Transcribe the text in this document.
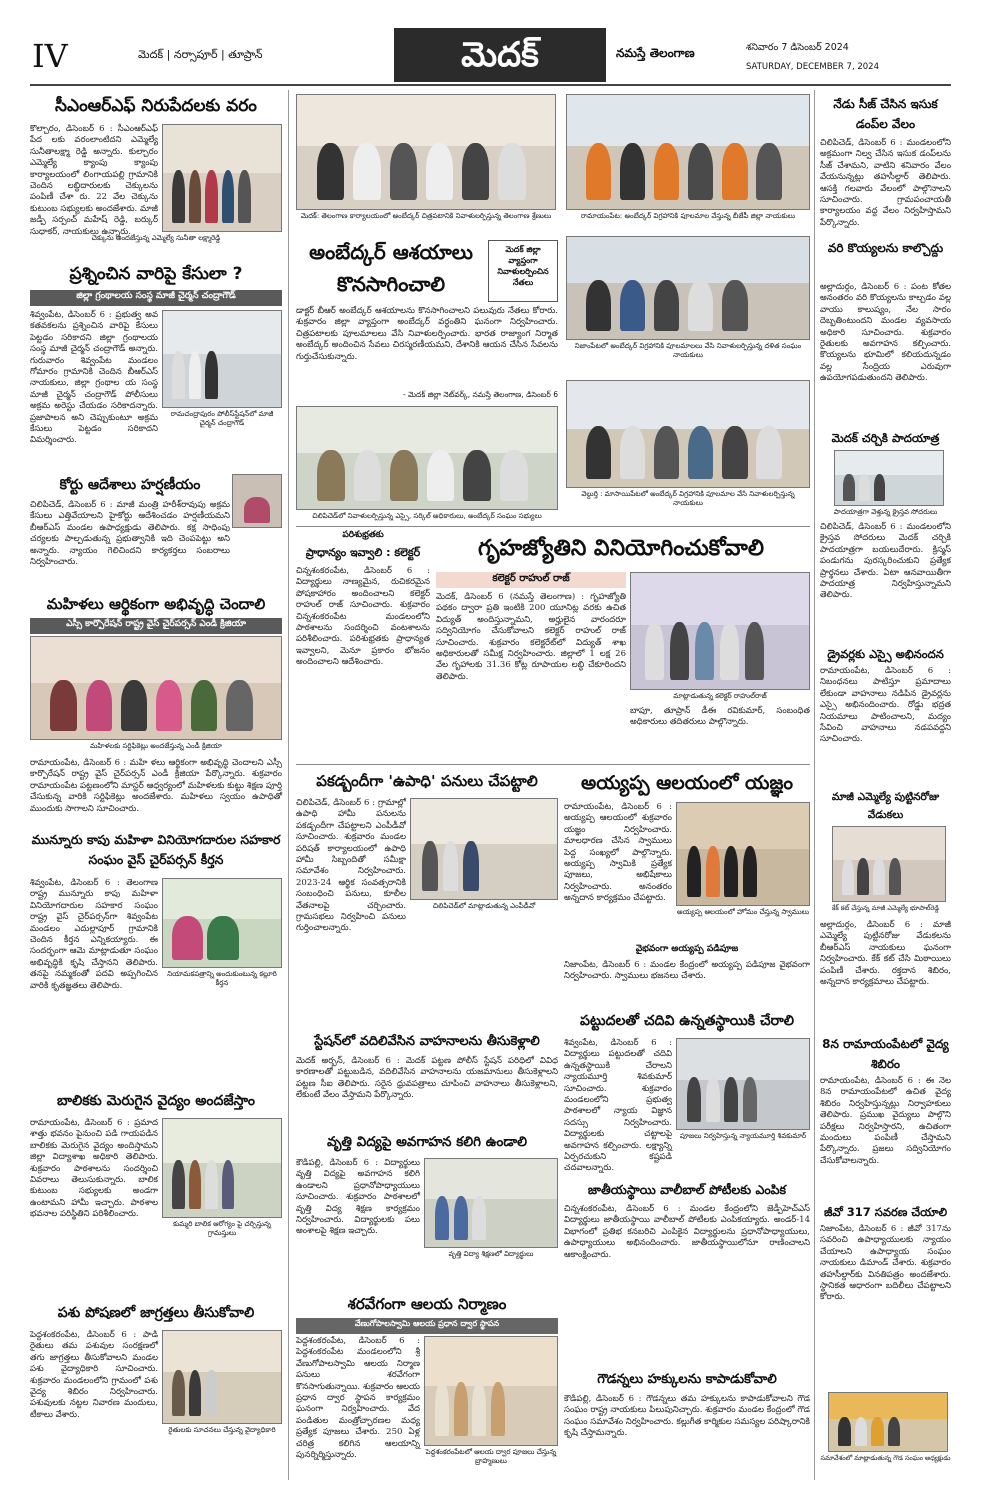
IV	మెదక్ | నర్సాపూర్ | తూప్రాన్	మెదక్	నమస్తే తెలంగాణ	శనివారం 7 డిసెంబర్ 2024
SATURDAY, DECEMBER 7, 2024
సీఎంఆర్ఎఫ్ నిరుపేదలకు వరం
కొల్చారం, డిసెంబర్ 6 : సీఎంఆర్ఎఫ్ పేద లకు వరంలాంటిదని ఎమ్మెల్యే సునీతాలక్ష్మా రెడ్డి అన్నారు. కుల్చారం ఎమ్మెల్యే క్యాంపు క్యాంపు కార్యాలయంలో లింగాయపల్లి గ్రామానికి చెందిన లబ్ధిదారులకు చెక్కులను పంపిణీ చేశా రు. 22 వేల చెక్కును కుటుంబ సభ్యులకు అందజేశారు. మాజీ జడ్పీ సర్పంచ్ మహేష్ రెడ్డి, బర్కుర్ సుధాకర్, నాయకులు ఉన్నారు.
చెక్కును అందజేస్తున్న ఎమ్మెల్యే సునీతా లక్ష్మారెడ్డి
ప్రశ్నించిన వారిపై కేసులా ?
జిల్లా గ్రంథాలయ సంస్థ మాజీ చైర్మన్ చంద్రాగౌడ్
శివ్వంపేట, డిసెంబర్ 6 : ప్రభుత్వ అవ కతవకలను ప్రశ్నించిన వారిపై కేసులు పెట్టడం సరికాదని జిల్లా గ్రంథాలయ సంస్థ మాజీ చైర్మన్ చంద్రాగౌడ్ అన్నారు. గురువారం శివ్వంపేట మండలం గోమారం గ్రామానికి చెందిన బీఆర్ఎస్ నాయకులు, జిల్లా గ్రంథాల య సంస్థ మాజీ చైర్మన్ చంద్రాగౌడ్ పోలీసులు అక్రమ అరెస్టు చేయడం సరికాదన్నారు. ప్రజాపాలన అని చెప్పుకుంటూ అక్రమ కేసులు పెట్టడం సరికాదని విమర్శించారు.
రామచంద్రాపురం పోలీస్‌స్టేషన్‌లో మాజీ చైర్మన్ చంద్రాగౌడ్
కోర్టు ఆదేశాలు హర్షణీయం
చిలిపిచెడ్, డిసెంబర్ 6 : మాజీ మంత్రి హరీశ్‌రావుపు అక్రమ కేసులు ఎత్తివేయాలని హైకోర్టు ఆదేశించడం హర్షణీయమని బీఆర్ఎస్ మండల ఉపాధ్యక్షుడు తెలిపారు. కక్ష సాధింపు చర్యలకు పాల్పడుతున్న ప్రభుత్వానికి ఇది చెంపపెట్టు అని అన్నారు. న్యాయం గెలిచిందని కార్యకర్తలు సంబరాలు నిర్వహించారు.
మహిళలు ఆర్థికంగా అభివృద్ధి చెందాలి
ఎస్సీ కార్పొరేషన్ రాష్ట్ర వైస్ చైర్‌పర్సన్ ఎండీ క్రిజియా
మహిళలకు సర్టిఫికెట్లు అందజేస్తున్న ఎండీ క్రిజియా
రామాయంపేట, డిసెంబర్ 6 : మహి ళలు ఆర్థికంగా అభివృద్ధి చెందాలని ఎస్సీ కార్పొరేషన్ రాష్ట్ర వైస్ చైర్‌పర్సన్ ఎండీ క్రిజియా పేర్కొన్నారు. శుక్రవారం రామాయంపేట పట్టణంలోని మాస్టర్ ఆధ్వర్యంలో మహిళలకు కుట్టు శిక్షణ పూర్తి చేసుకున్న వారికి సర్టిఫికెట్లు అందజేశారు. మహిళలు స్వయం ఉపాధితో ముందుకు సాగాలని సూచించారు.
మున్నూరు కాపు మహిళా వినియోగదారుల సహకార సంఘం వైస్ చైర్‌పర్సన్ కీర్తన
శివ్వంపేట, డిసెంబర్ 6 : తెలంగాణ రాష్ట్ర మున్నూరు కాపు మహిళా వినియోగదారుల సహకార సంఘం రాష్ట్ర వైస్ చైర్‌పర్సన్‌గా శివ్వంపేట మండలం ఎదుల్లాపూర్ గ్రామానికి చెందిన కీర్తన ఎన్నికయ్యారు. ఈ సందర్భంగా ఆమె మాట్లాడుతూ సంఘం అభివృద్ధికి కృషి చేస్తానని తెలిపారు. తనపై నమ్మకంతో పదవి అప్పగించిన వారికి కృతజ్ఞతలు తెలిపారు.
నియామకపత్రాన్ని అందుకుంటున్న కల్లూరి కీర్తన
బాలికకు మెరుగైన వైద్యం అందజేస్తాం
రామాయంపేట, డిసెంబర్ 6 : ప్రమాద శాత్తు భవనం పైనుంచి పడి గాయపడిన బాలికకు మెరుగైన వైద్యం అందిస్తామని జిల్లా విద్యాశాఖ అధికారి తెలిపారు. శుక్రవారం పాఠశాలను సందర్శించి వివరాలు తెలుసుకున్నారు. బాలిక కుటుంబ సభ్యులకు అండగా ఉంటామని హామీ ఇచ్చారు. పాఠశాల భవనాల పరిస్థితిని పరిశీలించారు.
కుమ్మరి బాలిక ఆరోగ్యం పై చర్చిస్తున్న గ్రామస్తులు
పశు పోషణలో జాగ్రత్తలు తీసుకోవాలి
పెద్దశంకరంపేట, డిసెంబర్ 6 : పాడి రైతులు తమ పశువుల సంరక్షణలో తగు జాగ్రత్తలు తీసుకోవాలని మండల పశు వైద్యాధికారి సూచించారు. శుక్రవారం మండలంలోని గ్రామంలో పశు వైద్య శిబిరం నిర్వహించారు. పశువులకు నట్టల నివారణ మందులు, టీకాలు వేశారు.
రైతులకు సూచనలు చేస్తున్న వైద్యాధికారి
మెదక్: తెలంగాణ కార్యాలయంలో అంబేద్కర్ చిత్రపటానికి నివాళులర్పిస్తున్న తెలంగాణ శ్రేణులు	రామాయంపేట: అంబేద్కర్ విగ్రహానికి పూలమాల వేస్తున్న బీజేపీ జిల్లా నాయకులు
అంబేద్కర్ ఆశయాలు కొనసాగించాలి
మెదక్ జిల్లా వ్యాప్తంగా నివాళులర్పించిన నేతలు
డాక్టర్ బీఆర్ అంబేద్కర్ ఆశయాలను కొనసాగించాలని పలువురు నేతలు కోరారు. శుక్రవారం జిల్లా వ్యాప్తంగా అంబేద్కర్ వర్ధంతిని ఘనంగా నిర్వహించారు. చిత్రపటాలకు పూలమాలలు వేసి నివాళులర్పించారు. భారత రాజ్యాంగ నిర్మాత అంబేద్కర్ అందించిన సేవలు చిరస్మరణీయమని, దేశానికి ఆయన చేసిన సేవలను గుర్తుచేసుకున్నారు.
- మెదక్ జిల్లా నెట్‌వర్క్, నమస్తే తెలంగాణ, డిసెంబర్ 6
నిజాంపేటలో అంబేద్కర్ విగ్రహానికి పూలమాలలు వేసి నివాళులర్పిస్తున్న దళిత సంఘం నాయకులు
చిలిపిచెడ్‌లో నివాళులర్పిస్తున్న ఎస్సై, సర్కిల్ అధికారులు, అంబేద్కర్ సంఘం సభ్యులు
వెల్దుర్తి : మాసాయిపేటలో అంబేద్కర్ విగ్రహానికి పూలమాల వేసి నివాళులర్పిస్తున్న నాయకులు
పరిశుభ్రతకు
ప్రాధాన్యం ఇవ్వాలి : కలెక్టర్
చిన్నశంకరంపేట, డిసెంబర్ 6 : విద్యార్థులు నాణ్యమైన, రుచికరమైన పోషకాహారం అందించాలని కలెక్టర్ రాహుల్ రాజ్ సూచించారు. శుక్రవారం చిన్నశంకరంపేట మండలంలోని పాఠశాలను సందర్శించి వంటశాలను పరిశీలించారు. పరిశుభ్రతకు ప్రాధాన్యత ఇవ్వాలని, మెనూ ప్రకారం భోజనం అందించాలని ఆదేశించారు.
గృహజ్యోతిని వినియోగించుకోవాలి
కలెక్టర్ రాహుల్ రాజ్
మెదక్, డిసెంబర్ 6 (నమస్తే తెలంగాణ) : గృహజ్యోతి పథకం ద్వారా ప్రతి ఇంటికి 200 యూనిట్ల వరకు ఉచిత విద్యుత్ అందిస్తున్నామని, అర్హులైన వారందరూ సద్వినియోగం చేసుకోవాలని కలెక్టర్ రాహుల్ రాజ్ సూచించారు. శుక్రవారం కలెక్టరేట్‌లో విద్యుత్ శాఖ అధికారులతో సమీక్ష నిర్వహించారు. జిల్లాలో 1 లక్ష 26 వేల గృహాలకు 31.36 కోట్ల రూపాయల లబ్ధి చేకూరిందని తెలిపారు.
మాట్లాడుతున్న కలెక్టర్ రాహుల్‌రాజ్
బాపూ, తూప్రాన్ డీఈ రవికుమార్, సంబంధిత అధికారులు తదితరులు పాల్గొన్నారు.
పకడ్బందీగా 'ఉపాధి' పనులు చేపట్టాలి
చిలిపిచెడ్, డిసెంబర్ 6 : గ్రామాల్లో ఉపాధి హామీ పనులను పకడ్బందీగా చేపట్టాలని ఎంపీడీవో సూచించారు. శుక్రవారం మండల పరిషత్ కార్యాలయంలో ఉపాధి హామీ సిబ్బందితో సమీక్షా సమావేశం నిర్వహించారు. 2023-24 ఆర్థిక సంవత్సరానికి సంబంధించి పనులు, కూలీల వేతనాలపై చర్చించారు. గ్రామసభలు నిర్వహించి పనులు గుర్తించాలన్నారు.
చిలిపిచెడ్‌లో మాట్లాడుతున్న ఎంపీడీవో
స్టేషన్‌లో వదిలివేసిన వాహనాలను తీసుకెళ్లాలి
మెదక్ అర్బన్, డిసెంబర్ 6 : మెదక్ పట్టణ పోలీస్ స్టేషన్ పరిధిలో వివిధ కారణాలతో పట్టుబడిన, వదిలివేసిన వాహనాలను యజమానులు తీసుకెళ్లాలని పట్టణ సీఐ తెలిపారు. సరైన ధ్రువపత్రాలు చూపించి వాహనాలు తీసుకెళ్లాలని, లేకుంటే వేలం వేస్తామని పేర్కొన్నారు.
వృత్తి విద్యపై అవగాహన కలిగి ఉండాలి
కౌడిపల్లి, డిసెంబర్ 6 : విద్యార్థులు వృత్తి విద్యపై అవగాహన కలిగి ఉండాలని ప్రధానోపాధ్యాయులు సూచించారు. శుక్రవారం పాఠశాలలో వృత్తి విద్య శిక్షణ కార్యక్రమం నిర్వహించారు. విద్యార్థులకు పలు అంశాలపై శిక్షణ ఇచ్చారు.
వృత్తి విద్యా శిక్షణలో విద్యార్థులు
శరవేగంగా ఆలయ నిర్మాణం
వేణుగోపాలస్వామి ఆలయ ప్రధాన ద్వార స్థాపన
పెద్దశంకరంపేట, డిసెంబర్ 6 : పెద్దశంకరంపేట మండలంలోని శ్రీ వేణుగోపాలస్వామి ఆలయ నిర్మాణ పనులు శరవేగంగా కొనసాగుతున్నాయి. శుక్రవారం ఆలయ ప్రధాన ద్వార స్థాపన కార్యక్రమం ఘనంగా నిర్వహించారు. వేద పండితుల మంత్రోచ్ఛారణల మధ్య ప్రత్యేక పూజలు చేశారు. 250 ఏళ్ల చరిత్ర కలిగిన ఆలయాన్ని పునర్నిర్మిస్తున్నారు.	పెద్దశంకరంపేటలో ఆలయ ద్వార పూజలు చేస్తున్న బ్రాహ్మణులు
అయ్యప్ప ఆలయంలో యజ్ఞం
రామాయంపేట, డిసెంబర్ 6 : అయ్యప్ప ఆలయంలో శుక్రవారం యజ్ఞం నిర్వహించారు. మాలధారణ చేసిన స్వాములు పెద్ద సంఖ్యలో పాల్గొన్నారు. అయ్యప్ప స్వామికి ప్రత్యేక పూజలు, అభిషేకాలు నిర్వహించారు. అనంతరం అన్నదాన కార్యక్రమం చేపట్టారు.
అయ్యప్ప ఆలయంలో హోమం చేస్తున్న స్వాములు
వైభవంగా అయ్యప్ప పడిపూజ
నిజాంపేట, డిసెంబర్ 6 : మండల కేంద్రంలో అయ్యప్ప పడిపూజ వైభవంగా నిర్వహించారు. స్వాములు భజనలు చేశారు.
పట్టుదలతో చదివి ఉన్నతస్థాయికి చేరాలి
శివ్వంపేట, డిసెంబర్ 6 : విద్యార్థులు పట్టుదలతో చదివి ఉన్నతస్థాయికి చేరాలని న్యాయమూర్తి శివకుమార్ సూచించారు. శుక్రవారం మండలంలోని ప్రభుత్వ పాఠశాలలో న్యాయ విజ్ఞాన సదస్సు నిర్వహించారు. విద్యార్థులకు చట్టాలపై అవగాహన కల్పించారు. లక్ష్యాన్ని ఏర్పరచుకుని కష్టపడి చదవాలన్నారు.
పూజలు నిర్వహిస్తున్న న్యాయమూర్తి శివకుమార్
జాతీయస్థాయి వాలీబాల్ పోటీలకు ఎంపిక
చిన్నశంకరంపేట, డిసెంబర్ 6 : మండల కేంద్రంలోని జెడ్పీహెచ్ఎస్ విద్యార్థులు జాతీయస్థాయి వాలీబాల్ పోటీలకు ఎంపికయ్యారు. అండర్-14 విభాగంలో ప్రతిభ కనబరిచి ఎంపికైన విద్యార్థులను ప్రధానోపాధ్యాయులు, ఉపాధ్యాయులు అభినందించారు. జాతీయస్థాయిలోనూ రాణించాలని ఆకాంక్షించారు.
గౌడన్నలు హక్కులను కాపాడుకోవాలి
కౌడిపల్లి, డిసెంబర్ 6 : గౌడన్నలు తమ హక్కులను కాపాడుకోవాలని గౌడ సంఘం రాష్ట్ర నాయకులు పిలుపునిచ్చారు. శుక్రవారం మండల కేంద్రంలో గౌడ సంఘం సమావేశం నిర్వహించారు. కల్లుగీత కార్మికుల సమస్యల పరిష్కారానికి కృషి చేస్తామన్నారు.
నేడు సీజ్ చేసిన ఇసుక డంప్‌ల వేలం
చిలిపిచెడ్, డిసెంబర్ 6 : మండలంలోని అక్రమంగా నిల్వ చేసిన ఇసుక డంప్‌లను సీజ్ చేశామని, వాటిని శనివారం వేలం వేయనున్నట్లు తహసీల్దార్ తెలిపారు. ఆసక్తి గలవారు వేలంలో పాల్గొనాలని సూచించారు. గ్రామపంచాయతీ కార్యాలయం వద్ద వేలం నిర్వహిస్తామని పేర్కొన్నారు.
వరి కొయ్యలను కాల్చొద్దు
అల్లాదుర్గం, డిసెంబర్ 6 : పంట కోతల అనంతరం వరి కొయ్యలను కాల్చడం వల్ల వాయు కాలుష్యం, నేల సారం దెబ్బతింటుందని మండల వ్యవసాయ అధికారి సూచించారు. శుక్రవారం రైతులకు అవగాహన కల్పించారు. కొయ్యలను భూమిలో కలియదున్నడం వల్ల సేంద్రియ ఎరువుగా ఉపయోగపడుతుందని తెలిపారు.
మెదక్ చర్చికి పాదయాత్ర
పాదయాత్రగా వెళ్తున్న క్రైస్తవ సోదరులు
చిలిపిచెడ్, డిసెంబర్ 6 : మండలంలోని క్రైస్తవ సోదరులు మెదక్ చర్చికి పాదయాత్రగా బయలుదేరారు. క్రిస్మస్ పండుగను పురస్కరించుకుని ప్రత్యేక ప్రార్థనలు చేశారు. ఏటా ఆనవాయితీగా పాదయాత్ర నిర్వహిస్తున్నామని తెలిపారు.
డ్రైవర్లకు ఎస్సై అభినందన
రామాయంపేట, డిసెంబర్ 6 : నిబంధనలు పాటిస్తూ ప్రమాదాలు లేకుండా వాహనాలు నడిపిన డ్రైవర్లను ఎస్సై అభినందించారు. రోడ్డు భద్రత నియమాలు పాటించాలని, మద్యం సేవించి వాహనాలు నడపవద్దని సూచించారు.
మాజీ ఎమ్మెల్యే పుట్టినరోజు వేడుకలు
కేక్ కట్ చేస్తున్న మాజీ ఎమ్మెల్యే భూపాల్‌రెడ్డి
అల్లాదుర్గం, డిసెంబర్ 6 : మాజీ ఎమ్మెల్యే పుట్టినరోజు వేడుకలను బీఆర్ఎస్ నాయకులు ఘనంగా నిర్వహించారు. కేక్ కట్ చేసి మిఠాయిలు పంపిణీ చేశారు. రక్తదాన శిబిరం, అన్నదాన కార్యక్రమాలు చేపట్టారు.
8న రామాయంపేటలో వైద్య శిబిరం
రామాయంపేట, డిసెంబర్ 6 : ఈ నెల 8న రామాయంపేటలో ఉచిత వైద్య శిబిరం నిర్వహిస్తున్నట్లు నిర్వాహకులు తెలిపారు. ప్రముఖ వైద్యులు పాల్గొని పరీక్షలు నిర్వహిస్తారని, ఉచితంగా మందులు పంపిణీ చేస్తామని పేర్కొన్నారు. ప్రజలు సద్వినియోగం చేసుకోవాలన్నారు.
జీవో 317 సవరణ చేయాలి
నిజాంపేట, డిసెంబర్ 6 : జీవో 317ను సవరించి ఉపాధ్యాయులకు న్యాయం చేయాలని ఉపాధ్యాయ సంఘం నాయకులు డిమాండ్ చేశారు. శుక్రవారం తహసీల్దార్‌కు వినతిపత్రం అందజేశారు. స్థానికత ఆధారంగా బదిలీలు చేపట్టాలని కోరారు.
సమావేశంలో మాట్లాడుతున్న గౌడ సంఘం అధ్యక్షుడు
